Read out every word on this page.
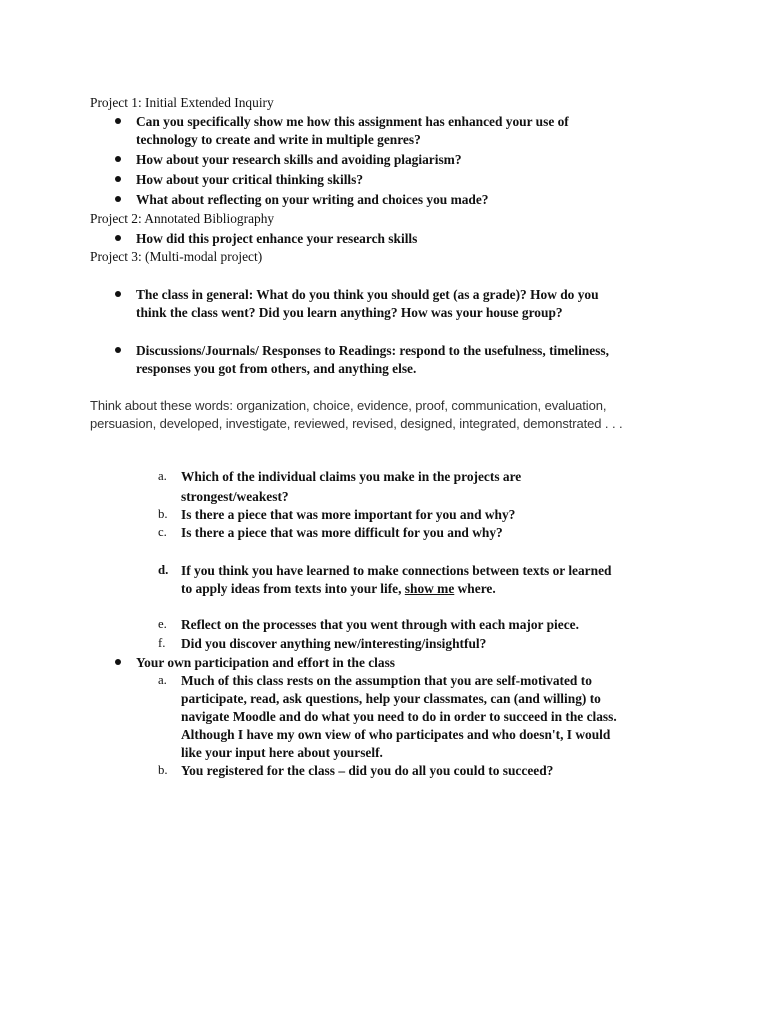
Project 1: Initial Extended Inquiry
Can you specifically show me how this assignment has enhanced your use of
technology to create and write in multiple genres?
How about your research skills and avoiding plagiarism?
How about your critical thinking skills?
What about reflecting on your writing and choices you made?
Project 2: Annotated Bibliography
How did this project enhance your research skills
Project 3: (Multi-modal project)
The class in general: What do you think you should get (as a grade)? How do you
think the class went? Did you learn anything? How was your house group?
Discussions/Journals/ Responses to Readings: respond to the usefulness, timeliness,
responses you got from others, and anything else.
Think about these words: organization, choice, evidence, proof, communication, evaluation,
persuasion, developed, investigate, reviewed, revised, designed, integrated, demonstrated . . .
a. Which of the individual claims you make in the projects are
strongest/weakest?
b. Is there a piece that was more important for you and why?
c. Is there a piece that was more difficult for you and why?
d. If you think you have learned to make connections between texts or learned
to apply ideas from texts into your life, show me where.
e. Reflect on the processes that you went through with each major piece.
f. Did you discover anything new/interesting/insightful?
Your own participation and effort in the class
a. Much of this class rests on the assumption that you are self-motivated to
participate, read, ask questions, help your classmates, can (and willing) to
navigate Moodle and do what you need to do in order to succeed in the class.
Although I have my own view of who participates and who doesn't, I would
like your input here about yourself.
b. You registered for the class – did you do all you could to succeed?
